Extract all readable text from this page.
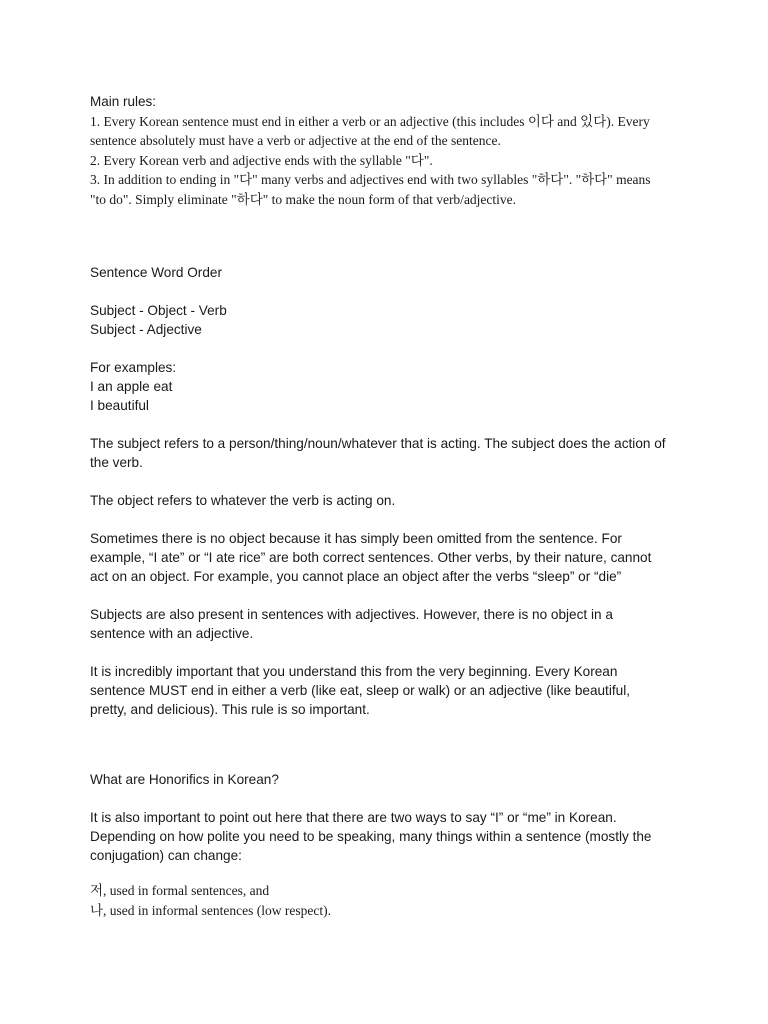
Main rules:
1. Every Korean sentence must end in either a verb or an adjective (this includes 이다 and 있다). Every
sentence absolutely must have a verb or adjective at the end of the sentence.
2. Every Korean verb and adjective ends with the syllable "다".
3. In addition to ending in "다" many verbs and adjectives end with two syllables "하다". "하다" means
"to do". Simply eliminate "하다" to make the noun form of that verb/adjective.
Sentence Word Order
Subject - Object - Verb
Subject - Adjective
For examples:
I an apple eat
I beautiful
The subject refers to a person/thing/noun/whatever that is acting. The subject does the action of
the verb.
The object refers to whatever the verb is acting on.
Sometimes there is no object because it has simply been omitted from the sentence. For
example, “I ate” or “I ate rice” are both correct sentences. Other verbs, by their nature, cannot
act on an object. For example, you cannot place an object after the verbs “sleep” or “die”
Subjects are also present in sentences with adjectives. However, there is no object in a
sentence with an adjective.
It is incredibly important that you understand this from the very beginning. Every Korean
sentence MUST end in either a verb (like eat, sleep or walk) or an adjective (like beautiful,
pretty, and delicious). This rule is so important.
What are Honorifics in Korean?
It is also important to point out here that there are two ways to say “I” or “me” in Korean.
Depending on how polite you need to be speaking, many things within a sentence (mostly the
conjugation) can change:
저, used in formal sentences, and
나, used in informal sentences (low respect).
